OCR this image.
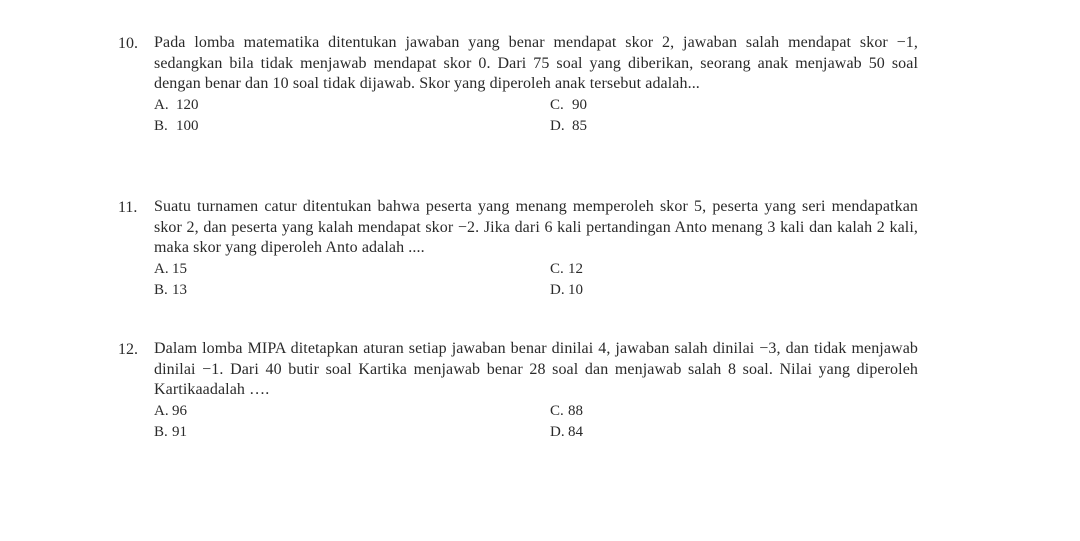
10. Pada lomba matematika ditentukan jawaban yang benar mendapat skor 2, jawaban salah mendapat skor −1, sedangkan bila tidak menjawab mendapat skor 0. Dari 75 soal yang diberikan, seorang anak menjawab 50 soal dengan benar dan 10 soal tidak dijawab. Skor yang diperoleh anak tersebut adalah...
A. 120	C. 90
B. 100	D. 85
11. Suatu turnamen catur ditentukan bahwa peserta yang menang memperoleh skor 5, peserta yang seri mendapatkan skor 2, dan peserta yang kalah mendapat skor −2. Jika dari 6 kali pertandingan Anto menang 3 kali dan kalah 2 kali, maka skor yang diperoleh Anto adalah ....
A. 15	C. 12
B. 13	D. 10
12. Dalam lomba MIPA ditetapkan aturan setiap jawaban benar dinilai 4, jawaban salah dinilai −3, dan tidak menjawab dinilai −1. Dari 40 butir soal Kartika menjawab benar 28 soal dan menjawab salah 8 soal. Nilai yang diperoleh Kartikaadalah ….
A. 96	C. 88
B. 91	D. 84
